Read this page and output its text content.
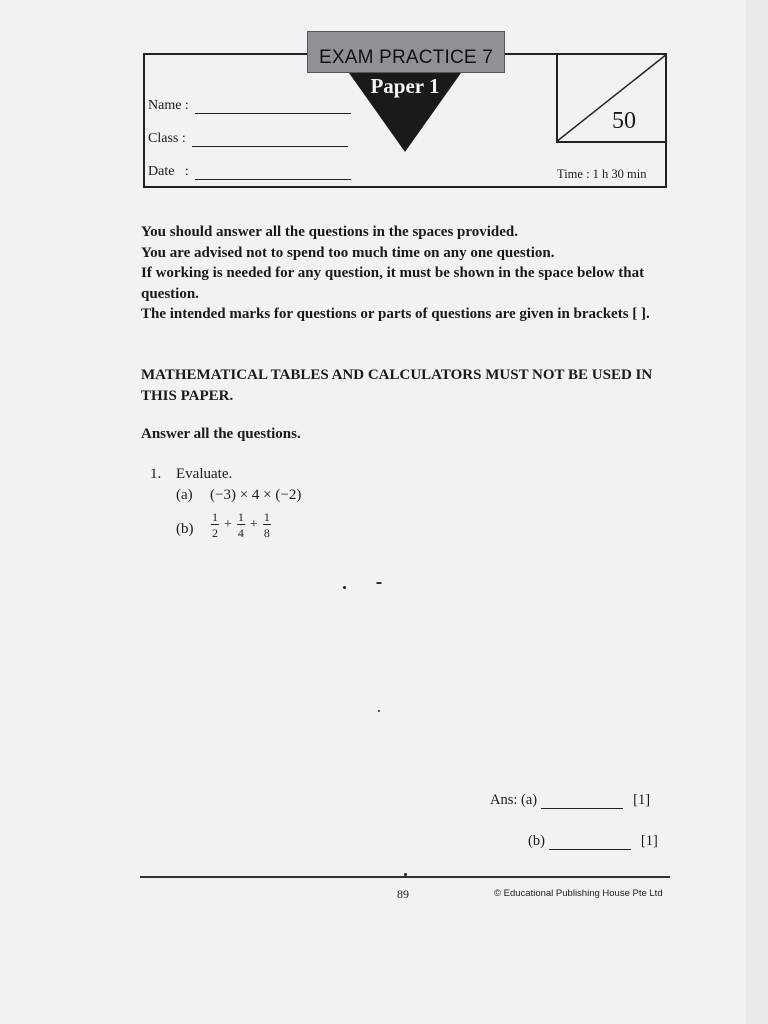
50
Time : 1 h 30 min
Paper 1
EXAM PRACTICE 7
Name :
Class :
Date   :

You should answer all the questions in the spaces provided.

You are advised not to spend too much time on any one question.

If working is needed for any question, it must be shown in the space below that question.

The intended marks for questions or parts of questions are given in brackets [ ].

MATHEMATICAL TABLES AND CALCULATORS MUST NOT BE USED IN THIS PAPER.

Answer all the questions.
1. Evaluate.
(a) (−3) × 4 × (−2)
$(b) \frac{1}{2} + \frac{1}{4} + \frac{1}{8}$
Ans:
(a)	[1]
(b)	[1]
89	© Educational Publishing House Pte Ltd
